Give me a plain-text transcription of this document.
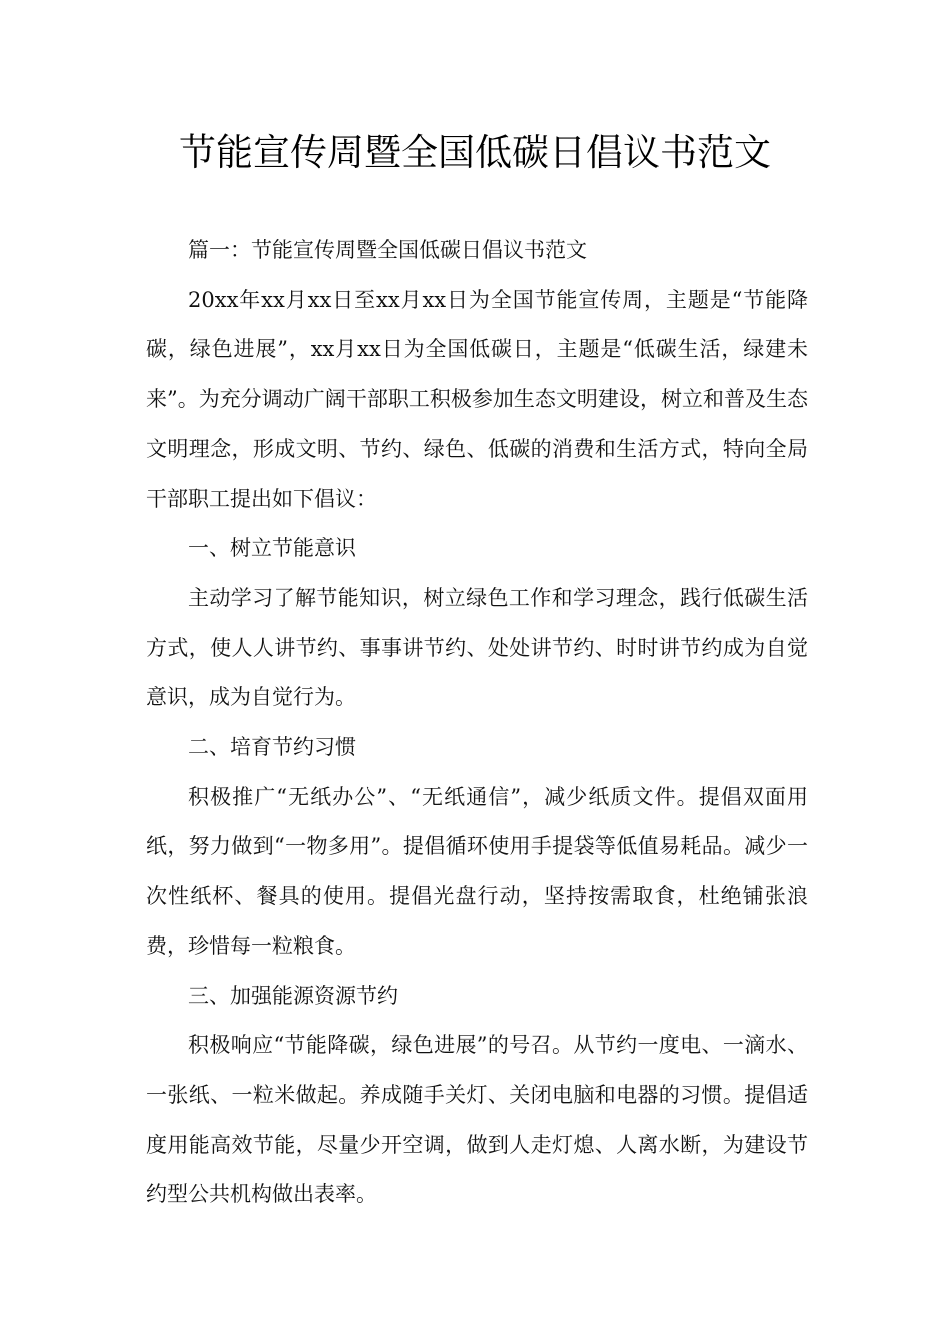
节能宣传周暨全国低碳日倡议书范文

篇一：节能宣传周暨全国低碳日倡议书范文

20xx年xx月xx日至xx月xx日为全国节能宣传周，主题是“节能降碳，绿色进展”，xx月xx日为全国低碳日，主题是“低碳生活，绿建未来”。为充分调动广阔干部职工积极参加生态文明建设，树立和普及生态文明理念，形成文明、节约、绿色、低碳的消费和生活方式，特向全局干部职工提出如下倡议：

一、树立节能意识

主动学习了解节能知识，树立绿色工作和学习理念，践行低碳生活方式，使人人讲节约、事事讲节约、处处讲节约、时时讲节约成为自觉意识，成为自觉行为。

二、培育节约习惯

积极推广“无纸办公”、“无纸通信”，减少纸质文件。提倡双面用纸，努力做到“一物多用”。提倡循环使用手提袋等低值易耗品。减少一次性纸杯、餐具的使用。提倡光盘行动，坚持按需取食，杜绝铺张浪费，珍惜每一粒粮食。

三、加强能源资源节约

积极响应“节能降碳，绿色进展”的号召。从节约一度电、一滴水、一张纸、一粒米做起。养成随手关灯、关闭电脑和电器的习惯。提倡适度用能高效节能，尽量少开空调，做到人走灯熄、人离水断，为建设节约型公共机构做出表率。
